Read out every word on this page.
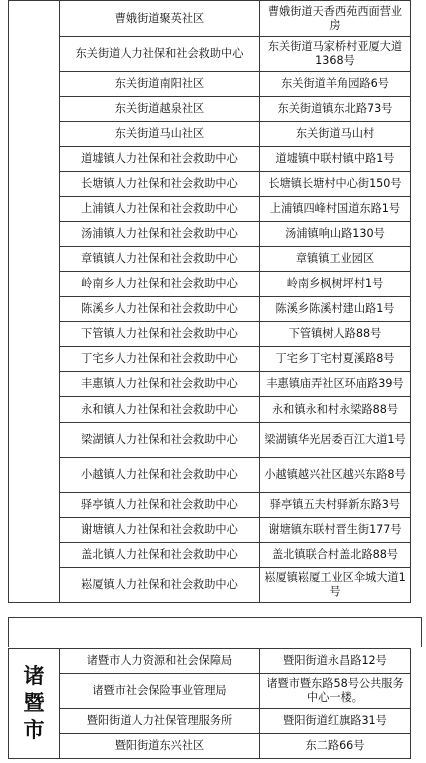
	曹娥街道聚英社区	曹娥街道天香西苑西面营业房
	东关街道人力社保和社会救助中心	东关街道马家桥村亚厦大道1368号
	东关街道南阳社区	东关街道羊角园路6号
	东关街道越泉社区	东关街道镇东北路73号
	东关街道马山社区	东关街道马山村
	道墟镇人力社保和社会救助中心	道墟镇中联村镇中路1号
	长塘镇人力社保和社会救助中心	长塘镇长塘村中心街150号
	上浦镇人力社保和社会救助中心	上浦镇四峰村国道东路1号
	汤浦镇人力社保和社会救助中心	汤浦镇响山路130号
	章镇镇人力社保和社会救助中心	章镇镇工业园区
	岭南乡人力社保和社会救助中心	岭南乡枫树坪村1号
	陈溪乡人力社保和社会救助中心	陈溪乡陈溪村建山路1号
	下管镇人力社保和社会救助中心	下管镇树人路88号
	丁宅乡人力社保和社会救助中心	丁宅乡丁宅村夏溪路8号
	丰惠镇人力社保和社会救助中心	丰惠镇庙弄社区环庙路39号
	永和镇人力社保和社会救助中心	永和镇永和村永梁路88号
	梁湖镇人力社保和社会救助中心	梁湖镇华光居委百江大道1号
	小越镇人力社保和社会救助中心	小越镇越兴社区越兴东路8号
	驿亭镇人力社保和社会救助中心	驿亭镇五夫村驿新东路3号
	谢塘镇人力社保和社会救助中心	谢塘镇东联村晋生街177号
	盖北镇人力社保和社会救助中心	盖北镇联合村盖北路88号
	崧厦镇人力社保和社会救助中心	崧厦镇崧厦工业区伞城大道1号
诸
暨
市	诸暨市人力资源和社会保障局	暨阳街道永昌路12号
	诸暨市社会保险事业管理局	诸暨市暨东路58号公共服务中心一楼。
	暨阳街道人力社保管理服务所	暨阳街道红旗路31号
	暨阳街道东兴社区	东二路66号
